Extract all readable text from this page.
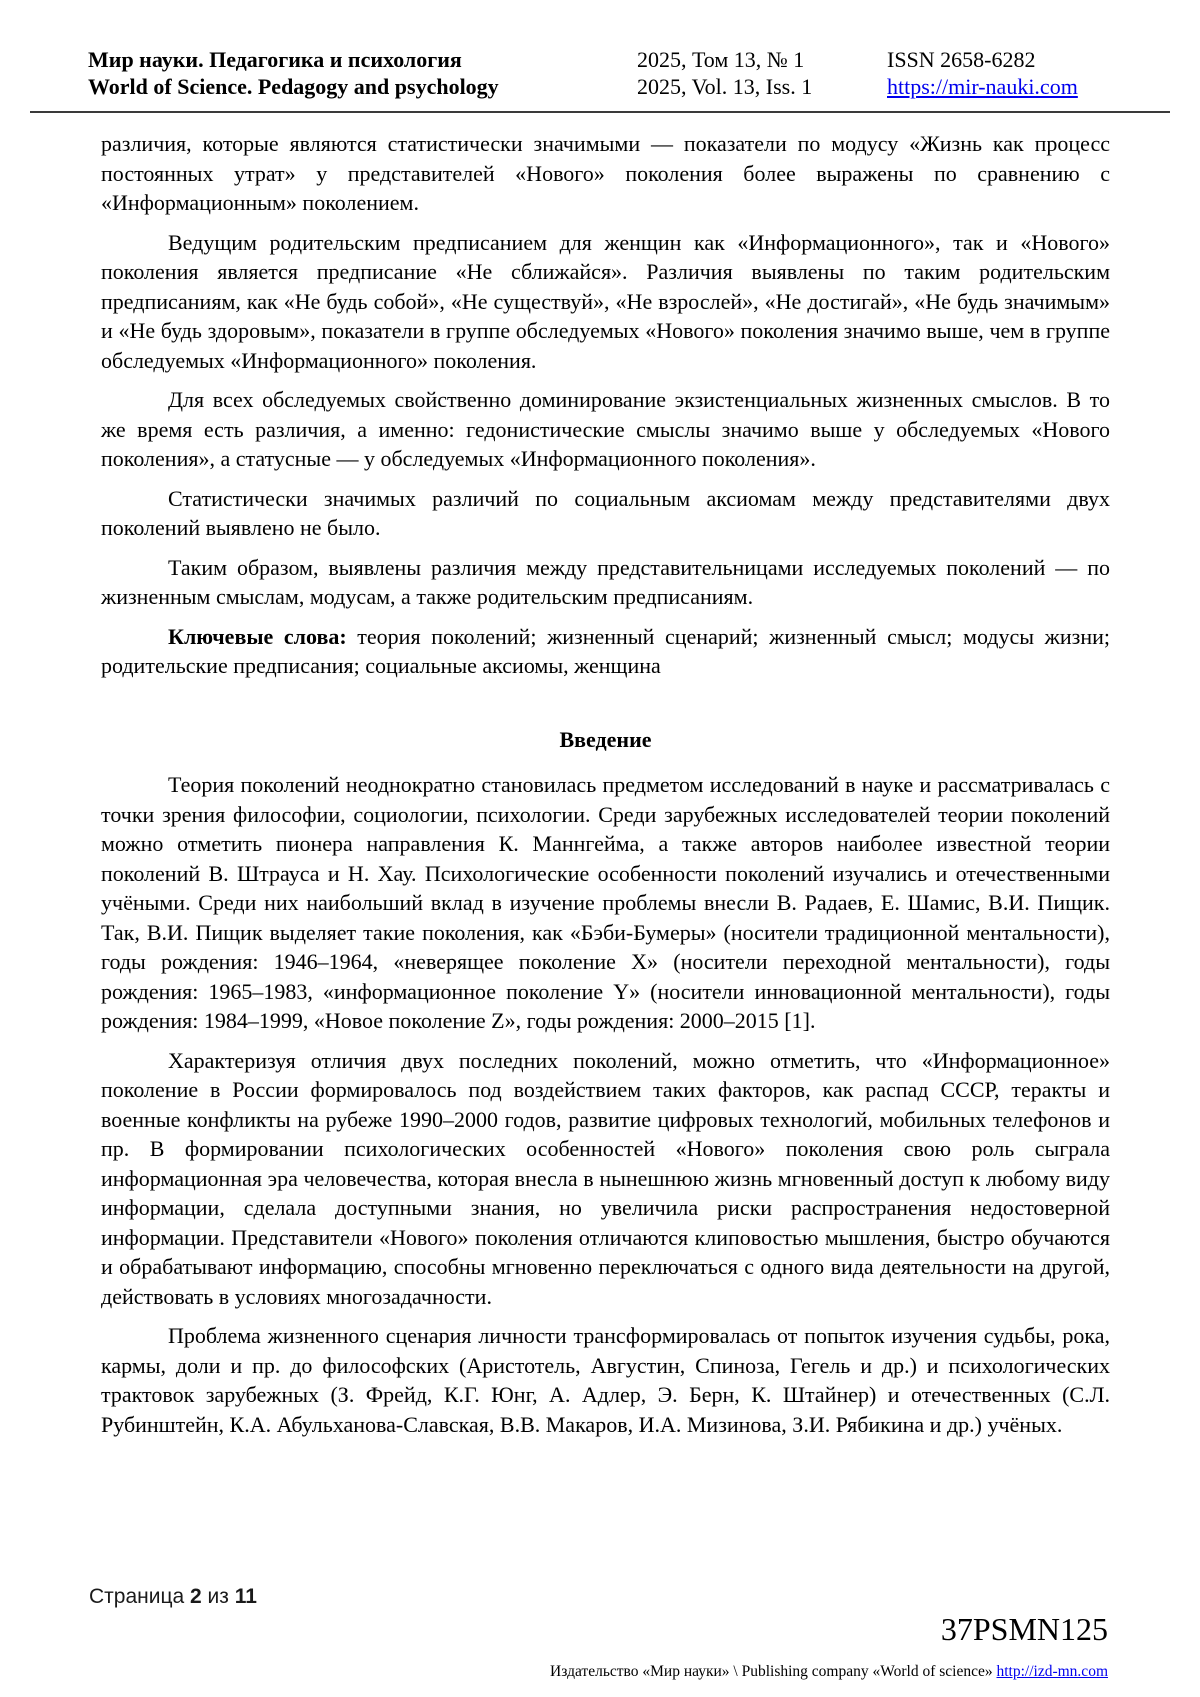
Мир науки. Педагогика и психология
World of Science. Pedagogy and psychology
2025, Том 13, № 1
2025, Vol. 13, Iss. 1
ISSN 2658-6282
https://mir-nauki.com

различия, которые являются статистически значимыми — показатели по модусу «Жизнь как процесс постоянных утрат» у представителей «Нового» поколения более выражены по сравнению с «Информационным» поколением.

Ведущим родительским предписанием для женщин как «Информационного», так и «Нового» поколения является предписание «Не сближайся». Различия выявлены по таким родительским предписаниям, как «Не будь собой», «Не существуй», «Не взрослей», «Не достигай», «Не будь значимым» и «Не будь здоровым», показатели в группе обследуемых «Нового» поколения значимо выше, чем в группе обследуемых «Информационного» поколения.

Для всех обследуемых свойственно доминирование экзистенциальных жизненных смыслов. В то же время есть различия, а именно: гедонистические смыслы значимо выше у обследуемых «Нового поколения», а статусные — у обследуемых «Информационного поколения».

Статистически значимых различий по социальным аксиомам между представителями двух поколений выявлено не было.

Таким образом, выявлены различия между представительницами исследуемых поколений — по жизненным смыслам, модусам, а также родительским предписаниям.

Ключевые слова: теория поколений; жизненный сценарий; жизненный смысл; модусы жизни; родительские предписания; социальные аксиомы, женщина

Введение

Теория поколений неоднократно становилась предметом исследований в науке и рассматривалась с точки зрения философии, социологии, психологии. Среди зарубежных исследователей теории поколений можно отметить пионера направления К. Маннгейма, а также авторов наиболее известной теории поколений В. Штрауса и Н. Хау. Психологические особенности поколений изучались и отечественными учёными. Среди них наибольший вклад в изучение проблемы внесли В. Радаев, Е. Шамис, В.И. Пищик. Так, В.И. Пищик выделяет такие поколения, как «Бэби-Бумеры» (носители традиционной ментальности), годы рождения: 1946–1964, «неверящее поколение X» (носители переходной ментальности), годы рождения: 1965–1983, «информационное поколение Y» (носители инновационной ментальности), годы рождения: 1984–1999, «Новое поколение Z», годы рождения: 2000–2015 [1].

Характеризуя отличия двух последних поколений, можно отметить, что «Информационное» поколение в России формировалось под воздействием таких факторов, как распад СССР, теракты и военные конфликты на рубеже 1990–2000 годов, развитие цифровых технологий, мобильных телефонов и пр. В формировании психологических особенностей «Нового» поколения свою роль сыграла информационная эра человечества, которая внесла в нынешнюю жизнь мгновенный доступ к любому виду информации, сделала доступными знания, но увеличила риски распространения недостоверной информации. Представители «Нового» поколения отличаются клиповостью мышления, быстро обучаются и обрабатывают информацию, способны мгновенно переключаться с одного вида деятельности на другой, действовать в условиях многозадачности.

Проблема жизненного сценария личности трансформировалась от попыток изучения судьбы, рока, кармы, доли и пр. до философских (Аристотель, Августин, Спиноза, Гегель и др.) и психологических трактовок зарубежных (З. Фрейд, К.Г. Юнг, А. Адлер, Э. Берн, К. Штайнер) и отечественных (С.Л. Рубинштейн, К.А. Абульханова-Славская, В.В. Макаров, И.А. Мизинова, З.И. Рябикина и др.) учёных.

Страница 2 из 11
37PSMN125
Издательство «Мир науки» \ Publishing company «World of science» http://izd-mn.com
